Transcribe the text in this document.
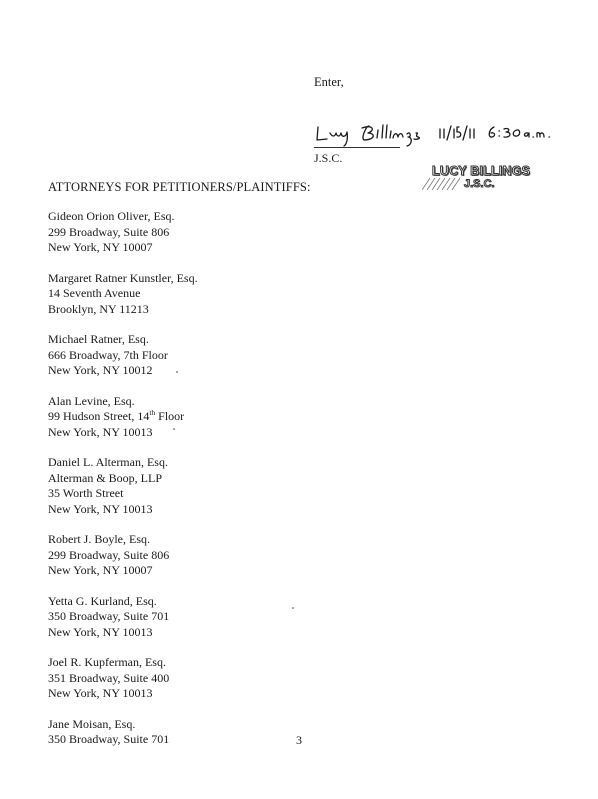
Enter,
J.S.C.
LUCY BILLINGS
J.S.C.
ATTORNEYS FOR PETITIONERS/PLAINTIFFS:
Gideon Orion Oliver, Esq.
299 Broadway, Suite 806
New York, NY 10007
Margaret Ratner Kunstler, Esq.
14 Seventh Avenue
Brooklyn, NY 11213
Michael Ratner, Esq.
666 Broadway, 7th Floor
New York, NY 10012
Alan Levine, Esq.
99 Hudson Street, 14th Floor
New York, NY 10013
Daniel L. Alterman, Esq.
Alterman & Boop, LLP
35 Worth Street
New York, NY 10013
Robert J. Boyle, Esq.
299 Broadway, Suite 806
New York, NY 10007
Yetta G. Kurland, Esq.
350 Broadway, Suite 701
New York, NY 10013
Joel R. Kupferman, Esq.
351 Broadway, Suite 400
New York, NY 10013
Jane Moisan, Esq.
350 Broadway, Suite 701	3
